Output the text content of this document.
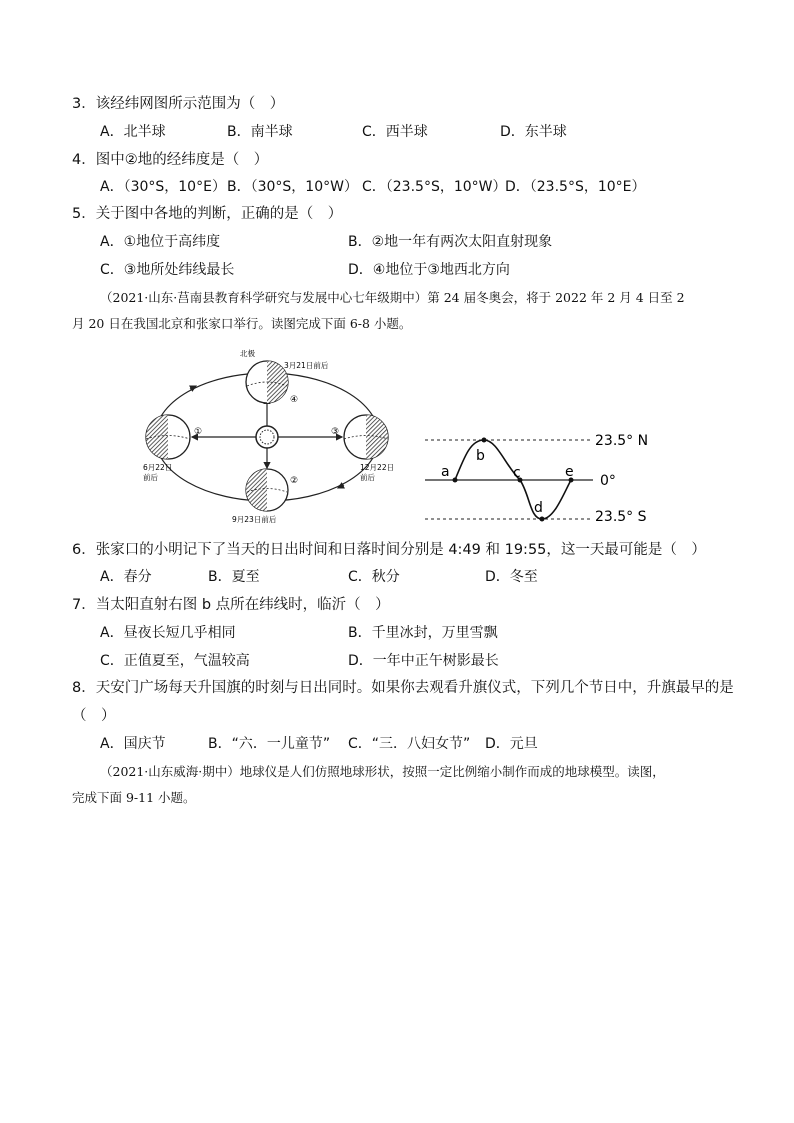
3．该经纬网图所示范围为（　）
A．北半球	B．南半球	C．西半球	D．东半球
4．图中②地的经纬度是（　）
A．（30°S，10°E） B．（30°S，10°W） C．（23.5°S，10°W）
D．（23.5°S，10°E）
5．关于图中各地的判断，正确的是（　）
A．①地位于高纬度	B．②地一年有两次太阳直射现象
C．③地所处纬线最长	D．④地位于③地西北方向
（2021·山东·莒南县教育科学研究与发展中心七年级期中）第 24 届冬奥会，将于 2022 年 2 月 4 日至 2
月 20 日在我国北京和张家口举行。读图完成下面 6-8 小题。
北极
3月21日前后
6月22日
前后
12月22日
前后
9月23日前后
①
②
③
④
a
b
c
d
e
23.5° N
0°
23.5° S
6．张家口的小明记下了当天的日出时间和日落时间分别是 4:49 和 19:55，这一天最可能是（　）
A．春分	B．夏至	C．秋分	D．冬至
7．当太阳直射右图 b 点所在纬线时，临沂（　）
A．昼夜长短几乎相同	B．千里冰封，万里雪飘
C．正值夏至，气温较高	D．一年中正午树影最长
8．天安门广场每天升国旗的时刻与日出同时。如果你去观看升旗仪式，下列几个节日中，升旗最早的是
（　）
A．国庆节	B．“六．一儿童节” C．“三．八妇女节” D．元旦
（2021·山东威海·期中）地球仪是人们仿照地球形状，按照一定比例缩小制作而成的地球模型。读图，
完成下面 9-11 小题。
